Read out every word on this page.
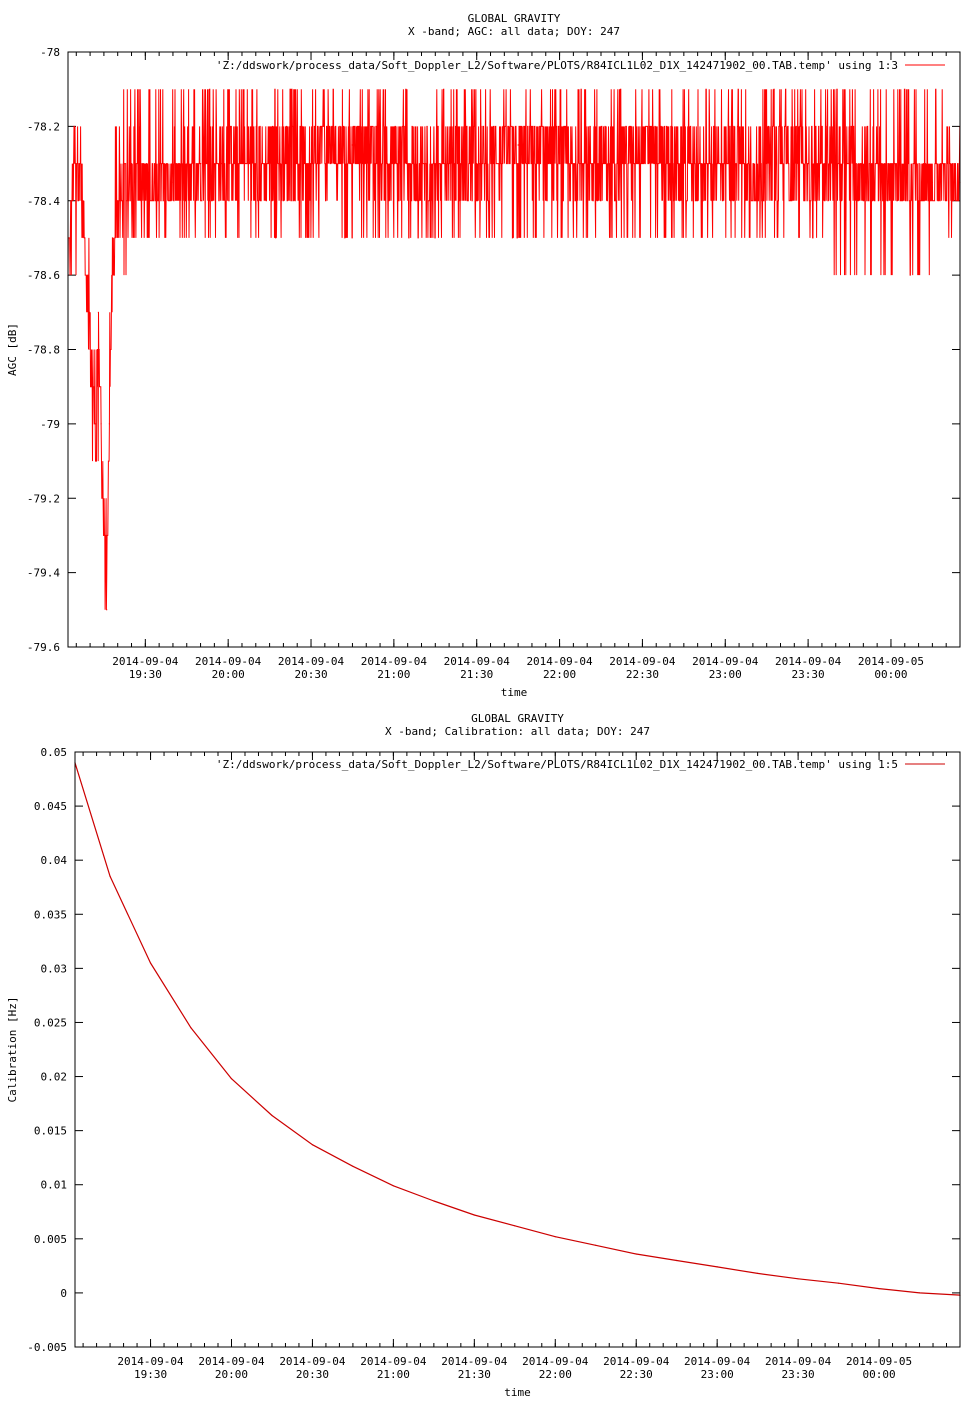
GLOBAL GRAVITY
X -band; AGC: all data; DOY: 247
-78
-78.2
-78.4
-78.6
-78.8
-79
-79.2
-79.4
-79.6
2014-09-04
19:30
2014-09-04
20:00
2014-09-04
20:30
2014-09-04
21:00
2014-09-04
21:30
2014-09-04
22:00
2014-09-04
22:30
2014-09-04
23:00
2014-09-04
23:30
2014-09-05
00:00
time
AGC [dB]
'Z:/ddswork/process_data/Soft_Doppler_L2/Software/PLOTS/R84ICL1L02_D1X_142471902_00.TAB.temp' using 1:3
GLOBAL GRAVITY
X -band; Calibration: all data; DOY: 247
0.05
0.045
0.04
0.035
0.03
0.025
0.02
0.015
0.01
0.005
0
-0.005
2014-09-04
19:30
2014-09-04
20:00
2014-09-04
20:30
2014-09-04
21:00
2014-09-04
21:30
2014-09-04
22:00
2014-09-04
22:30
2014-09-04
23:00
2014-09-04
23:30
2014-09-05
00:00
time
Calibration [Hz]
'Z:/ddswork/process_data/Soft_Doppler_L2/Software/PLOTS/R84ICL1L02_D1X_142471902_00.TAB.temp' using 1:5
